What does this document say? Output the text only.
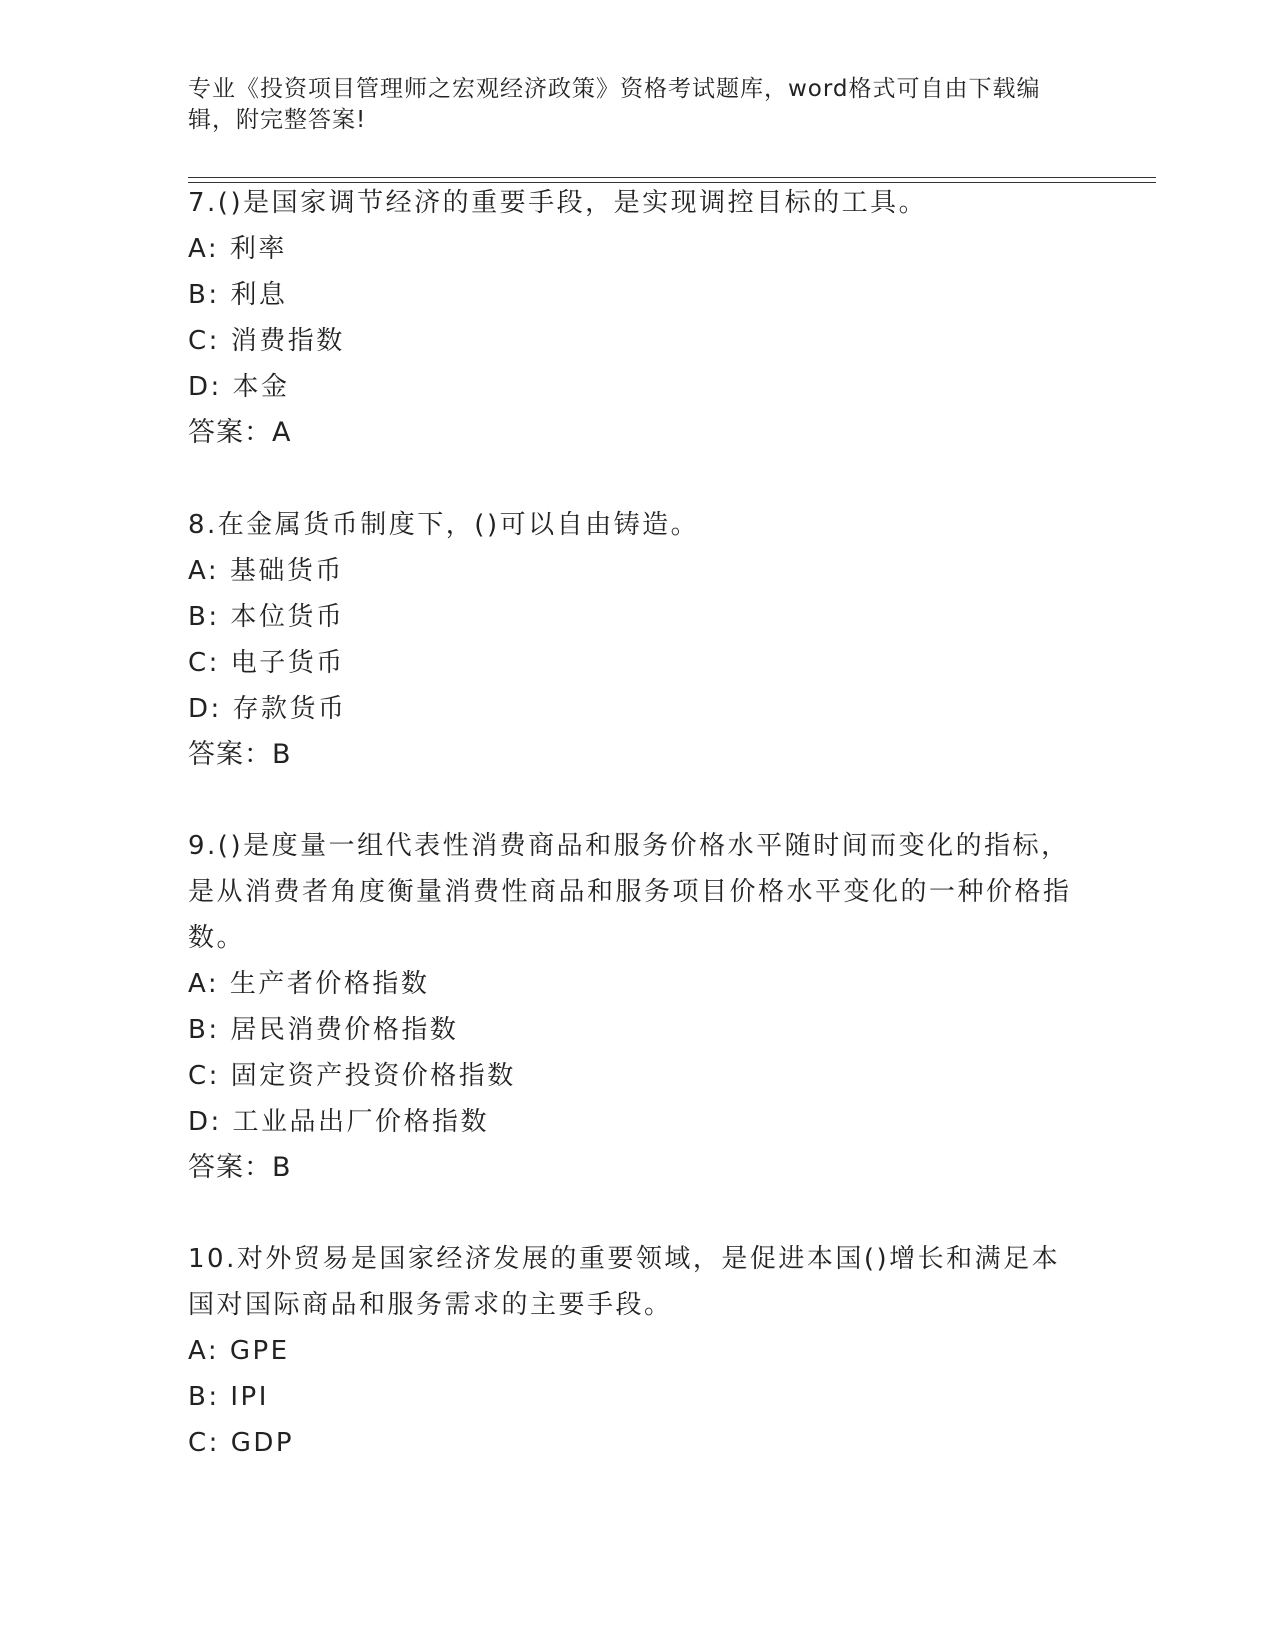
专业《投资项目管理师之宏观经济政策》资格考试题库，word格式可自由下载编辑，附完整答案!

7.()是国家调节经济的重要手段，是实现调控目标的工具。

A: 利率

B: 利息

C: 消费指数

D: 本金

答案：A

8.在金属货币制度下，()可以自由铸造。

A: 基础货币

B: 本位货币

C: 电子货币

D: 存款货币

答案：B

9.()是度量一组代表性消费商品和服务价格水平随时间而变化的指标，是从消费者角度衡量消费性商品和服务项目价格水平变化的一种价格指数。

A: 生产者价格指数

B: 居民消费价格指数

C: 固定资产投资价格指数

D: 工业品出厂价格指数

答案：B

10.对外贸易是国家经济发展的重要领域，是促进本国()增长和满足本国对国际商品和服务需求的主要手段。

A: GPE

B: IPI

C: GDP
